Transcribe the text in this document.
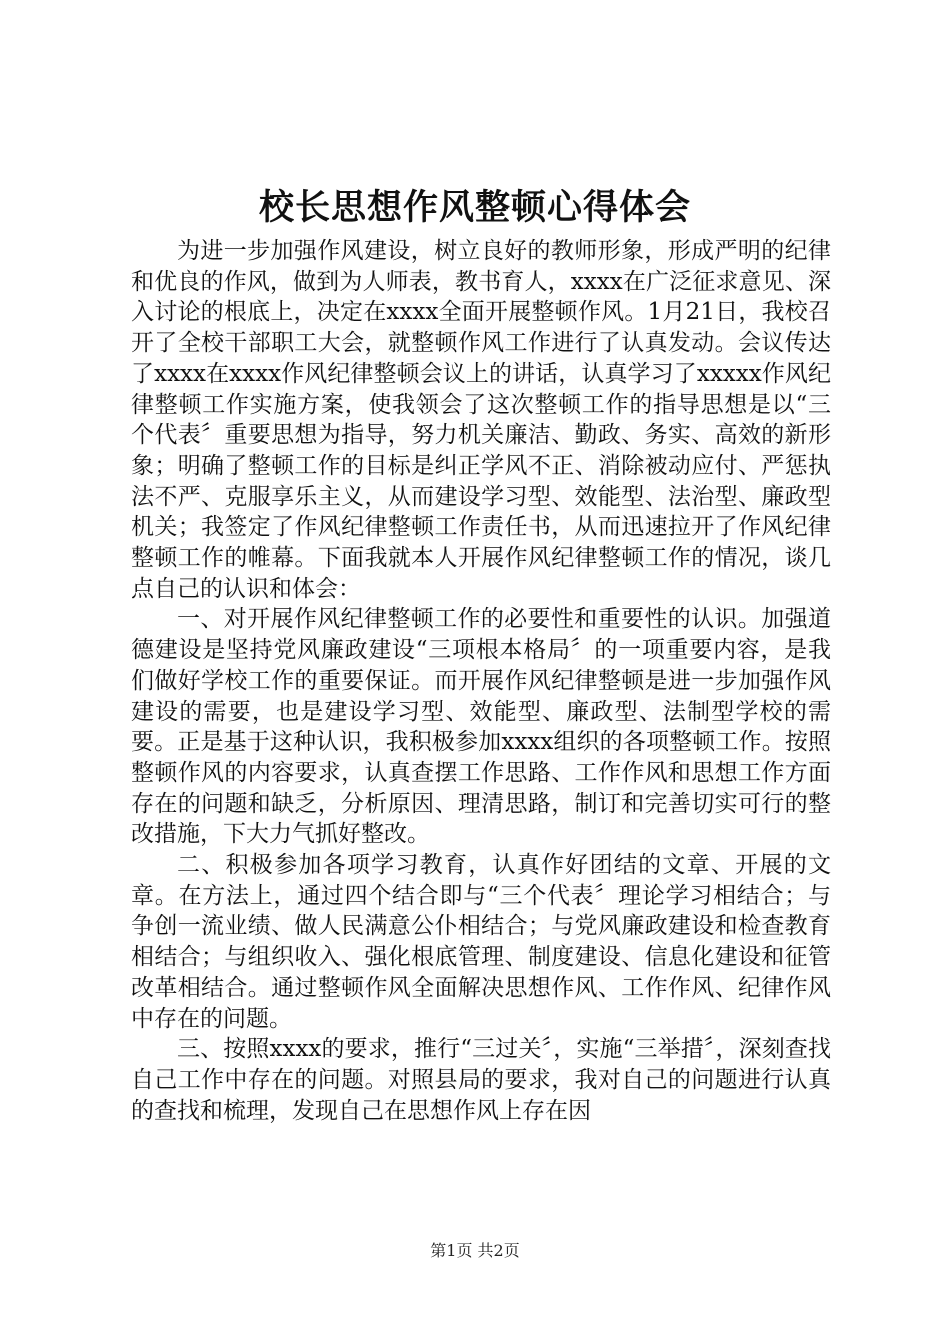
校长思想作风整顿心得体会

为进一步加强作风建设，树立良好的教师形象，形成严明的纪律和优良的作风，做到为人师表，教书育人，xxxx在广泛征求意见、深入讨论的根底上，决定在xxxx全面开展整顿作风。1月21日，我校召开了全校干部职工大会，就整顿作风工作进行了认真发动。会议传达了xxxx在xxxx作风纪律整顿会议上的讲话，认真学习了xxxxx作风纪律整顿工作实施方案，使我领会了这次整顿工作的指导思想是以“三个代表〞重要思想为指导，努力机关廉洁、勤政、务实、高效的新形象；明确了整顿工作的目标是纠正学风不正、消除被动应付、严惩执法不严、克服享乐主义，从而建设学习型、效能型、法治型、廉政型机关；我签定了作风纪律整顿工作责任书，从而迅速拉开了作风纪律整顿工作的帷幕。下面我就本人开展作风纪律整顿工作的情况，谈几点自己的认识和体会：

一、对开展作风纪律整顿工作的必要性和重要性的认识。加强道德建设是坚持党风廉政建设“三项根本格局〞的一项重要内容，是我们做好学校工作的重要保证。而开展作风纪律整顿是进一步加强作风建设的需要，也是建设学习型、效能型、廉政型、法制型学校的需要。正是基于这种认识，我积极参加xxxx组织的各项整顿工作。按照整顿作风的内容要求，认真查摆工作思路、工作作风和思想工作方面存在的问题和缺乏，分析原因、理清思路，制订和完善切实可行的整改措施，下大力气抓好整改。

二、积极参加各项学习教育，认真作好团结的文章、开展的文章。在方法上，通过四个结合即与“三个代表〞理论学习相结合；与争创一流业绩、做人民满意公仆相结合；与党风廉政建设和检查教育相结合；与组织收入、强化根底管理、制度建设、信息化建设和征管改革相结合。通过整顿作风全面解决思想作风、工作作风、纪律作风中存在的问题。

三、按照xxxx的要求，推行“三过关〞，实施“三举措〞，深刻查找自己工作中存在的问题。对照县局的要求，我对自己的问题进行认真的查找和梳理，发现自己在思想作风上存在因

第1页 共2页
